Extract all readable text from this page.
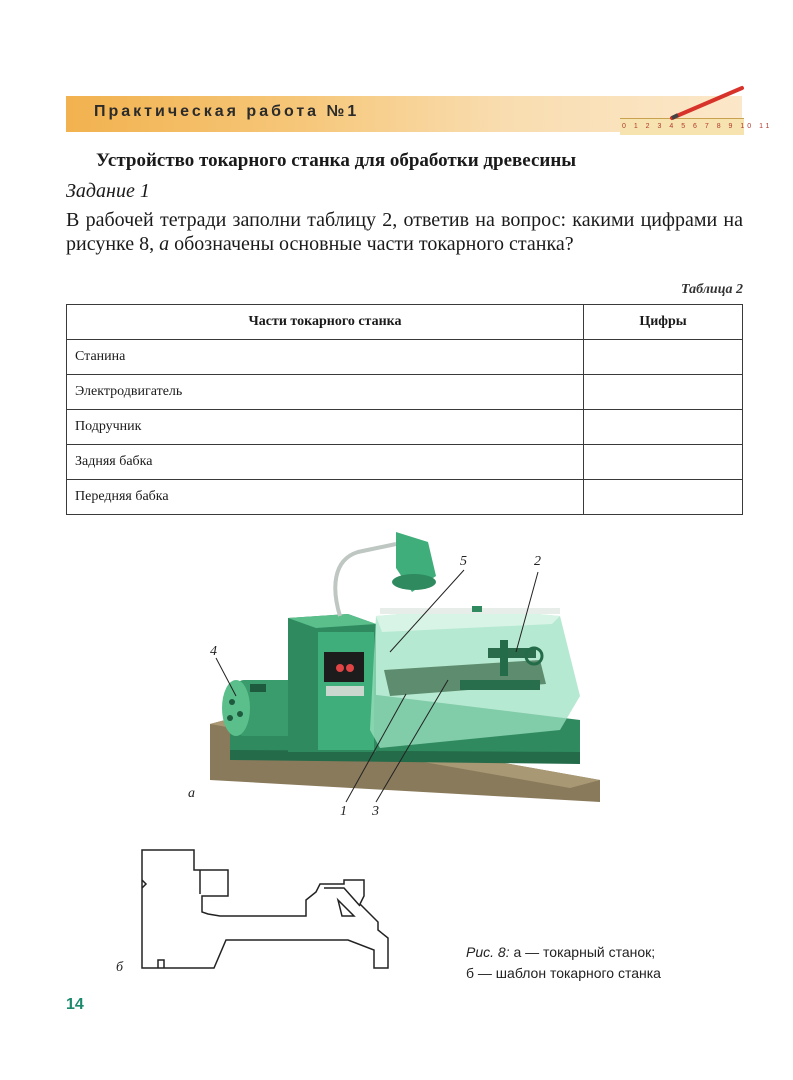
Практическая работа №1
0 1 2 3 4 5 6 7 8 9 10 11
Устройство токарного станка для обработки древесины
Задание 1
В рабочей тетради заполни таблицу 2, ответив на вопрос: какими цифрами на рисунке 8, а обозначены основные части токарного станка?
Таблица 2
Части токарного станка	Цифры
Станина	
Электродвигатель	
Подручник	
Задняя бабка	
Передняя бабка	
5	2
4
1 3
а
б
Рис. 8: а — токарный станок;
б — шаблон токарного станка
14
